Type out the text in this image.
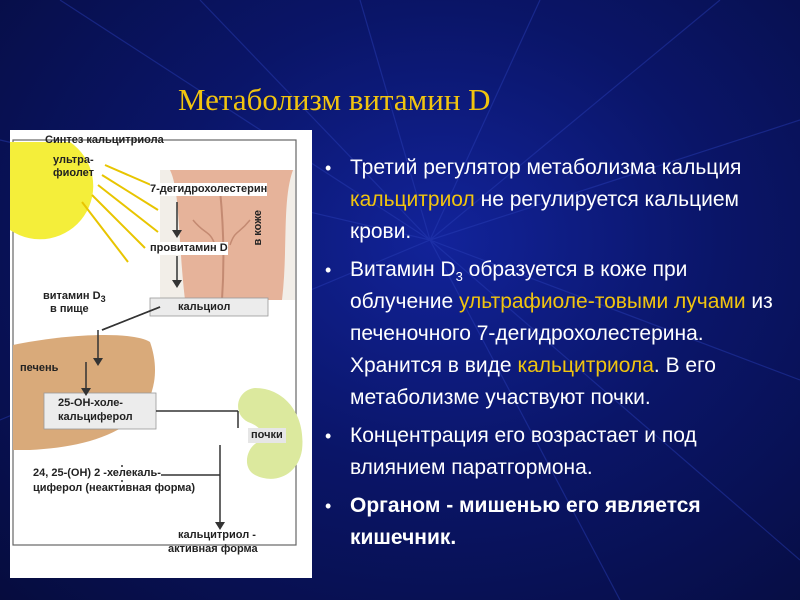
Метаболизм витамин D
Синтез кальцитриола
ультра-
фиолет
7-дегидрохолестерин
в коже
провитамин D
кальциол
витамин $D_3$
в пище
печень
25-OH-холе-
кальциферол
почки
24, 25-(OH) 2 -хелекаль-
циферол (неактивная форма)
кальцитриол -
активная форма
• Третий регулятор метаболизма кальция кальцитриол не регулируется кальцием крови.
• Витамин $D_3$ образуется в коже при облучение ультрафиоле-товыми лучами из печеночного 7-дегидрохолестерина. Хранится в виде кальцитриола. В его метаболизме участвуют почки.
• Концентрация его возрастает и под влиянием паратгормона.
• Органом - мишенью его является кишечник.
